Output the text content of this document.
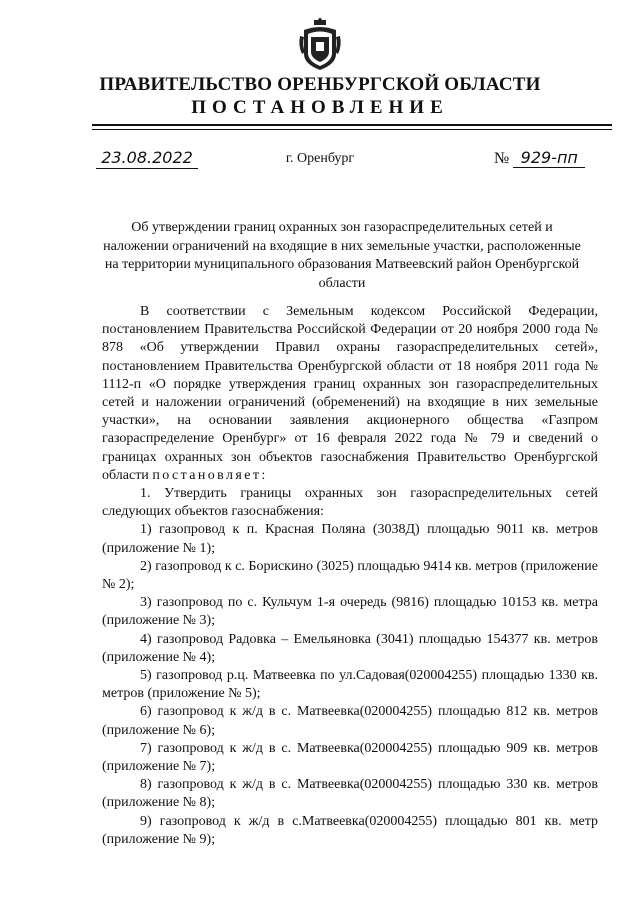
ПРАВИТЕЛЬСТВО ОРЕНБУРГСКОЙ ОБЛАСТИ
ПОСТАНОВЛЕНИЕ
23.08.2022	г. Оренбург	№ 929-пп
Об утверждении границ охранных зон газораспределительных сетей и наложении ограничений на входящие в них земельные участки, расположенные на территории муниципального образования Матвеевский район Оренбургской области

В соответствии с Земельным кодексом Российской Федерации, постановлением Правительства Российской Федерации от 20 ноября 2000 года № 878 «Об утверждении Правил охраны газораспределительных сетей», постановлением Правительства Оренбургской области от 18 ноября 2011 года № 1112-п «О порядке утверждения границ охранных зон газораспределительных сетей и наложении ограничений (обременений) на входящие в них земельные участки», на основании заявления акционерного общества «Газпром газораспределение Оренбург» от 16 февраля 2022 года № 79 и сведений о границах охранных зон объектов газоснабжения Правительство Оренбургской области постановляет:

1. Утвердить границы охранных зон газораспределительных сетей следующих объектов газоснабжения:

1) газопровод к п. Красная Поляна (3038Д) площадью 9011 кв. метров (приложение № 1);

2) газопровод к с. Борискино (3025) площадью 9414 кв. метров (приложение № 2);

3) газопровод по с. Кульчум 1-я очередь (9816) площадью 10153 кв. метра (приложение № 3);

4) газопровод Радовка – Емельяновка (3041) площадью 154377 кв. метров (приложение № 4);

5) газопровод р.ц. Матвеевка по ул.Садовая(020004255) площадью 1330 кв. метров (приложение № 5);

6) газопровод к ж/д в с. Матвеевка(020004255) площадью 812 кв. метров (приложение № 6);

7) газопровод к ж/д в с. Матвеевка(020004255) площадью 909 кв. метров (приложение № 7);

8) газопровод к ж/д в с. Матвеевка(020004255) площадью 330 кв. метров (приложение № 8);

9) газопровод к ж/д в с.Матвеевка(020004255) площадью 801 кв. метр (приложение № 9);
